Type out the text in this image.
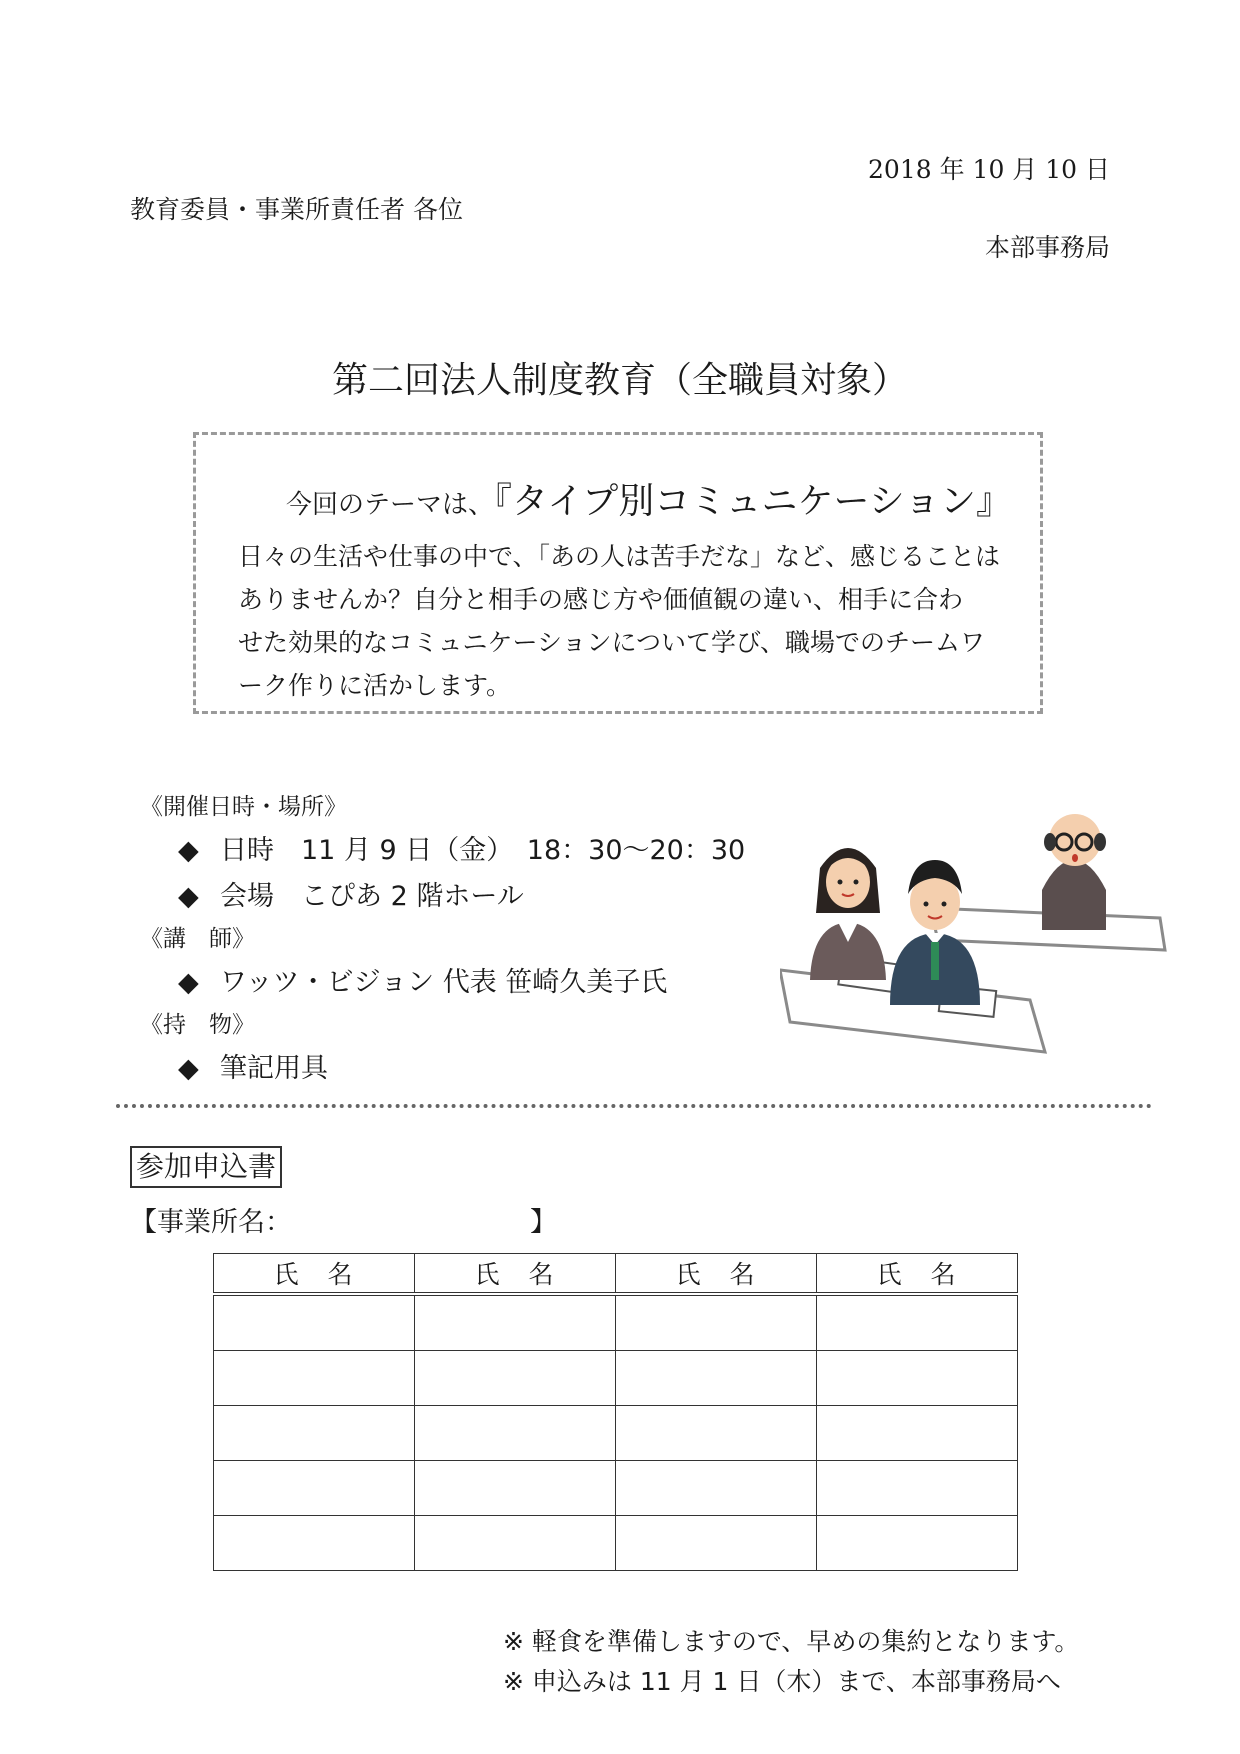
2018 年 10 月 10 日
教育委員・事業所責任者 各位
本部事務局
第二回法人制度教育（全職員対象）
今回のテーマは、『タイプ別コミュニケーション』
日々の生活や仕事の中で、「あの人は苦手だな」など、感じることは
ありませんか？自分と相手の感じ方や価値観の違い、相手に合わ
せた効果的なコミュニケーションについて学び、職場でのチームワ
ーク作りに活かします。
《開催日時・場所》
◆ 日時　11 月 9 日（金）　18：30～20：30
◆ 会場　こぴあ 2 階ホール
《講　師》
◆ ワッツ・ビジョン 代表 笹崎久美子氏
《持　物》
◆ 筆記用具
参加申込書
【事業所名：	】
氏　名	氏　名	氏　名	氏　名

※ 軽食を準備しますので、早めの集約となります。
※ 申込みは 11 月 1 日（木）まで、本部事務局へ
